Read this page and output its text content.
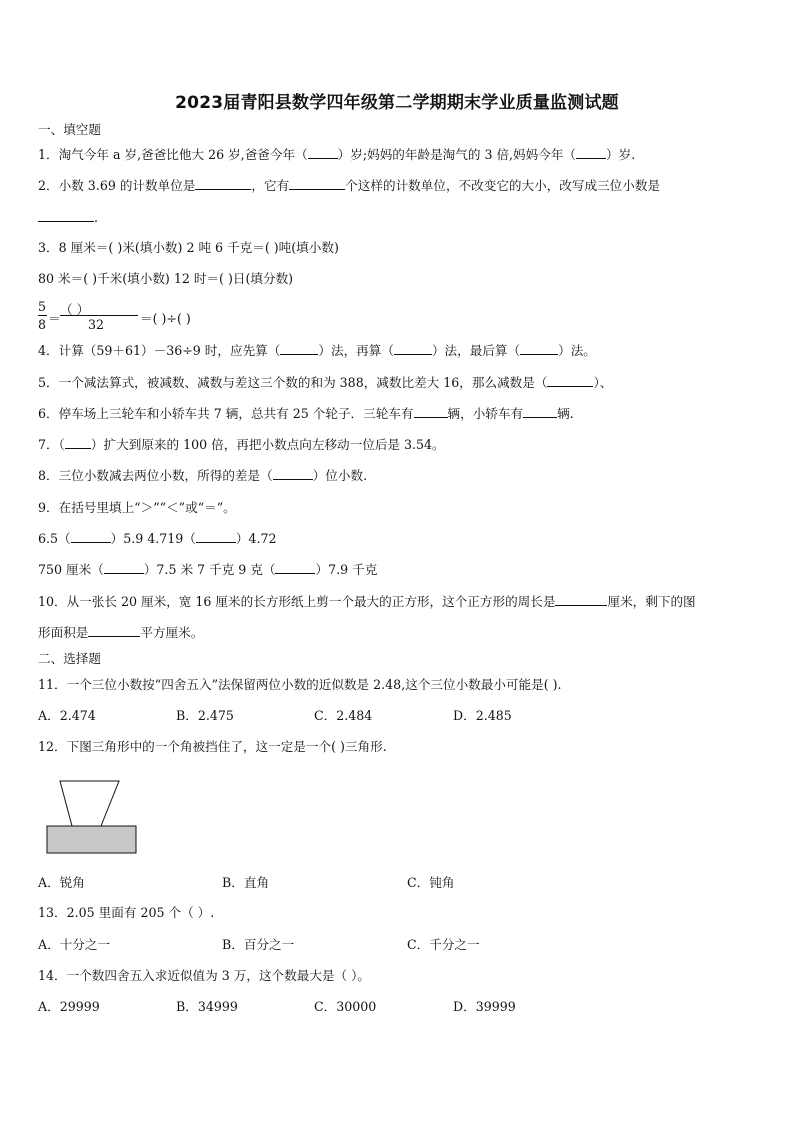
2023届青阳县数学四年级第二学期期末学业质量监测试题
一、填空题
1．淘气今年 a 岁,爸爸比他大 26 岁,爸爸今年（ ）岁;妈妈的年龄是淘气的 3 倍,妈妈今年（ ）岁.
2．小数 3.69 的计数单位是	，它有	个这样的计数单位，不改变它的大小，改写成三位小数是
.
3．8 厘米＝( )米(填小数) 2 吨 6 千克＝( )吨(填小数)
80 米＝( )千米(填小数) 12 时＝( )日(填分数)
5
8 ＝
（ ）
32	＝( )÷( )
4．计算（59＋61）－36÷9 时，应先算（	）法，再算（	）法，最后算（	）法。
5．一个减法算式，被减数、减数与差这三个数的和为 388，减数比差大 16，那么减数是（	）、
6．停车场上三轮车和小轿车共 7 辆，总共有 25 个轮子．三轮车有	辆，小轿车有	辆.
7．（ ）扩大到原来的 100 倍，再把小数点向左移动一位后是 3.54。
8．三位小数减去两位小数，所得的差是（	）位小数.
9．在括号里填上“＞”“＜”或“＝”。
6.5（	）5.9 4.719（	）4.72
750 厘米（	）7.5 米 7 千克 9 克（	）7.9 千克
10．从一张长 20 厘米，宽 16 厘米的长方形纸上剪一个最大的正方形，这个正方形的周长是	厘米，剩下的图
形面积是	平方厘米。
二、选择题
11．一个三位小数按“四舍五入”法保留两位小数的近似数是 2.48,这个三位小数最小可能是( ).
A．2.474	B．2.475	C．2.484	D．2.485
12．下图三角形中的一个角被挡住了，这一定是一个( )三角形.
A．锐角	B．直角	C．钝角
13．2.05 里面有 205 个（ ）.
A．十分之一	B．百分之一	C．千分之一
14．一个数四舍五入求近似值为 3 万，这个数最大是（ ）。
A．29999	B．34999	C．30000	D．39999
